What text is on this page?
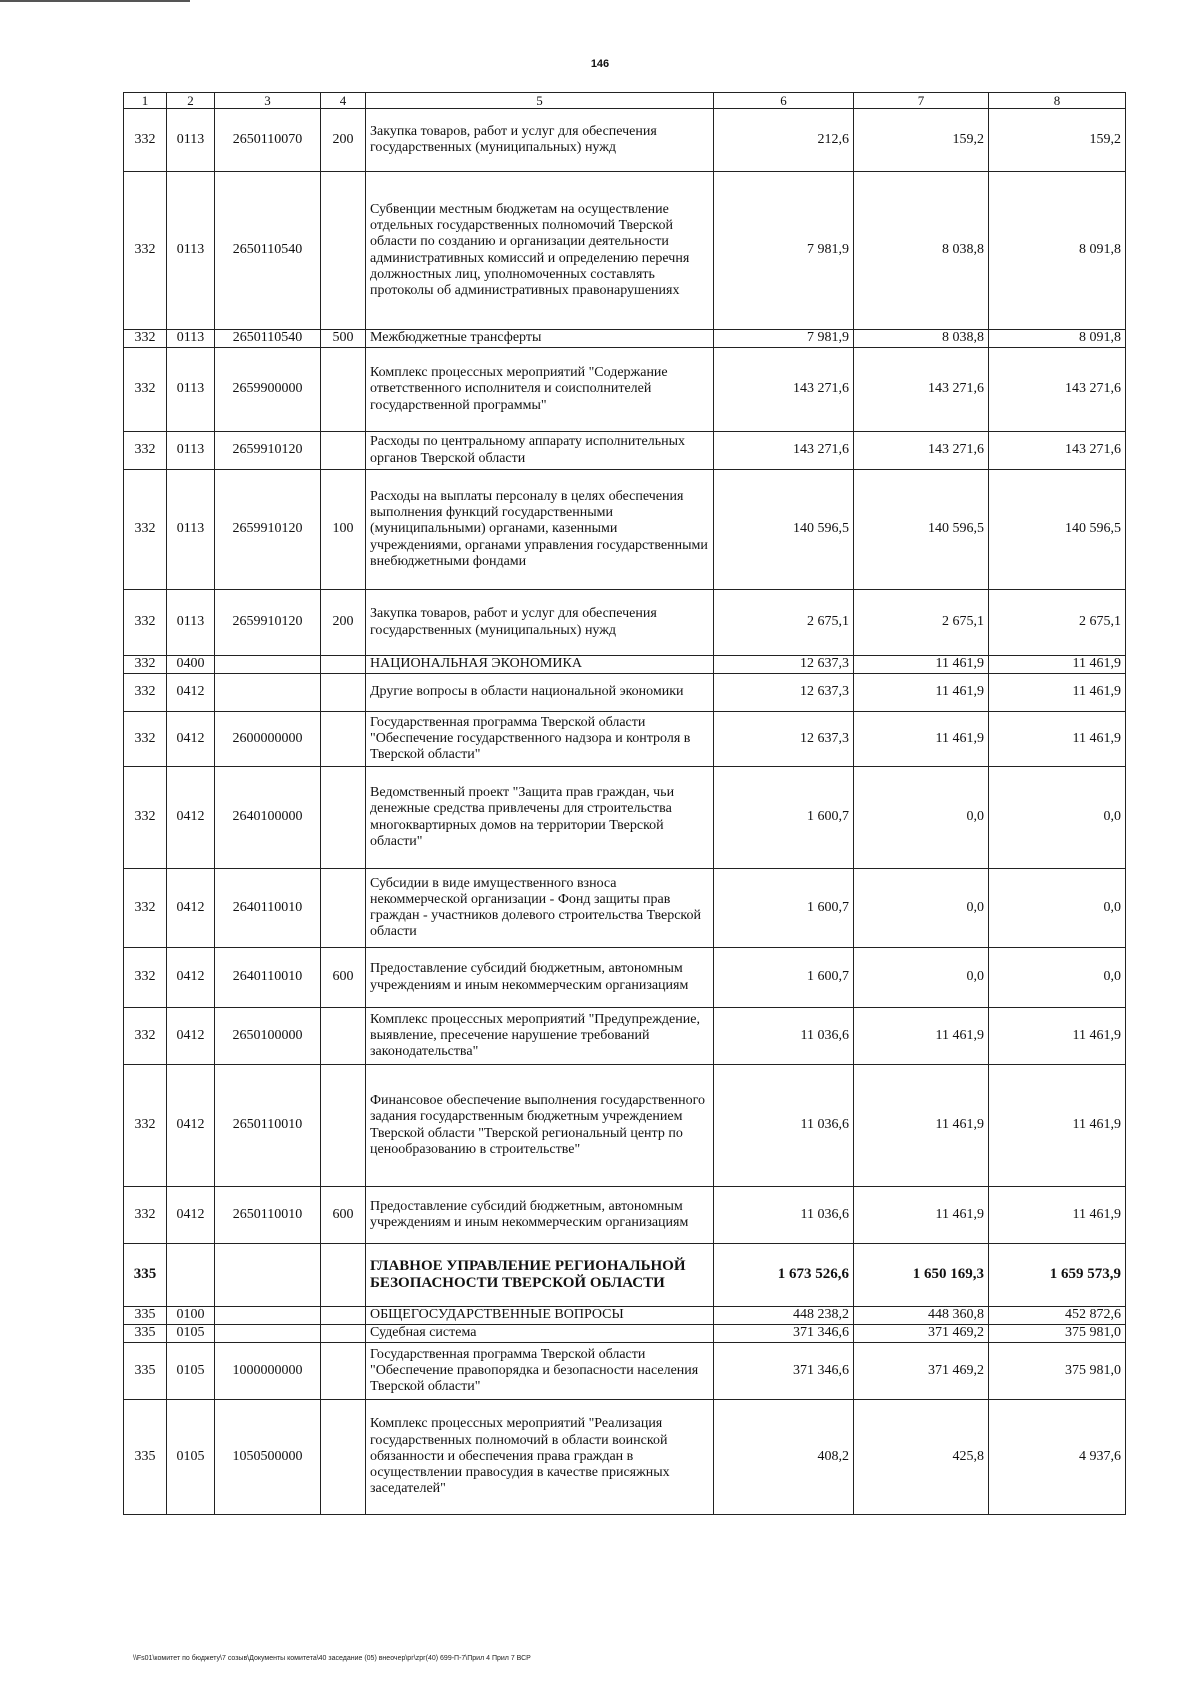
146
1	2	3	4	5	6	7	8
332	0113	2650110070	200	Закупка товаров, работ и услуг для обеспечения государственных (муниципальных) нужд	212,6	159,2	159,2
332	0113	2650110540		Субвенции местным бюджетам на осуществление отдельных государственных полномочий Тверской области по созданию и организации деятельности административных комиссий и определению перечня должностных лиц, уполномоченных составлять протоколы об административных правонарушениях	7 981,9	8 038,8	8 091,8
332	0113	2650110540	500	Межбюджетные трансферты	7 981,9	8 038,8	8 091,8
332	0113	2659900000		Комплекс процессных мероприятий "Содержание ответственного исполнителя и соисполнителей государственной программы"	143 271,6	143 271,6	143 271,6
332	0113	2659910120		Расходы по центральному аппарату исполнительных органов Тверской области	143 271,6	143 271,6	143 271,6
332	0113	2659910120	100	Расходы на выплаты персоналу в целях обеспечения выполнения функций государственными (муниципальными) органами, казенными учреждениями, органами управления государственными внебюджетными фондами	140 596,5	140 596,5	140 596,5
332	0113	2659910120	200	Закупка товаров, работ и услуг для обеспечения государственных (муниципальных) нужд	2 675,1	2 675,1	2 675,1
332	0400			НАЦИОНАЛЬНАЯ ЭКОНОМИКА	12 637,3	11 461,9	11 461,9
332	0412			Другие вопросы в области национальной экономики	12 637,3	11 461,9	11 461,9
332	0412	2600000000		Государственная программа Тверской области "Обеспечение государственного надзора и контроля в Тверской области"	12 637,3	11 461,9	11 461,9
332	0412	2640100000		Ведомственный проект "Защита прав граждан, чьи денежные средства привлечены для строительства многоквартирных домов на территории Тверской области"	1 600,7	0,0	0,0
332	0412	2640110010		Субсидии в виде имущественного взноса некоммерческой организации - Фонд защиты прав граждан - участников долевого строительства Тверской области	1 600,7	0,0	0,0
332	0412	2640110010	600	Предоставление субсидий бюджетным, автономным учреждениям и иным некоммерческим организациям	1 600,7	0,0	0,0
332	0412	2650100000		Комплекс процессных мероприятий "Предупреждение, выявление, пресечение нарушение требований законодательства"	11 036,6	11 461,9	11 461,9
332	0412	2650110010		Финансовое обеспечение выполнения государственного задания государственным бюджетным учреждением Тверской области "Тверской региональный центр по ценообразованию в строительстве"	11 036,6	11 461,9	11 461,9
332	0412	2650110010	600	Предоставление субсидий бюджетным, автономным учреждениям и иным некоммерческим организациям	11 036,6	11 461,9	11 461,9
335				ГЛАВНОЕ УПРАВЛЕНИЕ РЕГИОНАЛЬНОЙ БЕЗОПАСНОСТИ ТВЕРСКОЙ ОБЛАСТИ	1 673 526,6	1 650 169,3	1 659 573,9
335	0100			ОБЩЕГОСУДАРСТВЕННЫЕ ВОПРОСЫ	448 238,2	448 360,8	452 872,6
335	0105			Судебная система	371 346,6	371 469,2	375 981,0
335	0105	1000000000		Государственная программа Тверской области "Обеспечение правопорядка и безопасности населения Тверской области"	371 346,6	371 469,2	375 981,0
335	0105	1050500000		Комплекс процессных мероприятий "Реализация государственных полномочий в области воинской обязанности и обеспечения права граждан в осуществлении правосудия в качестве присяжных заседателей"	408,2	425,8	4 937,6
\\Fs01\комитет по бюджету\7 созыв\Документы комитета\40 заседание (05) внеочер\рг\zрг(40) 699-П-7\Прил 4 Прил 7 ВСР
